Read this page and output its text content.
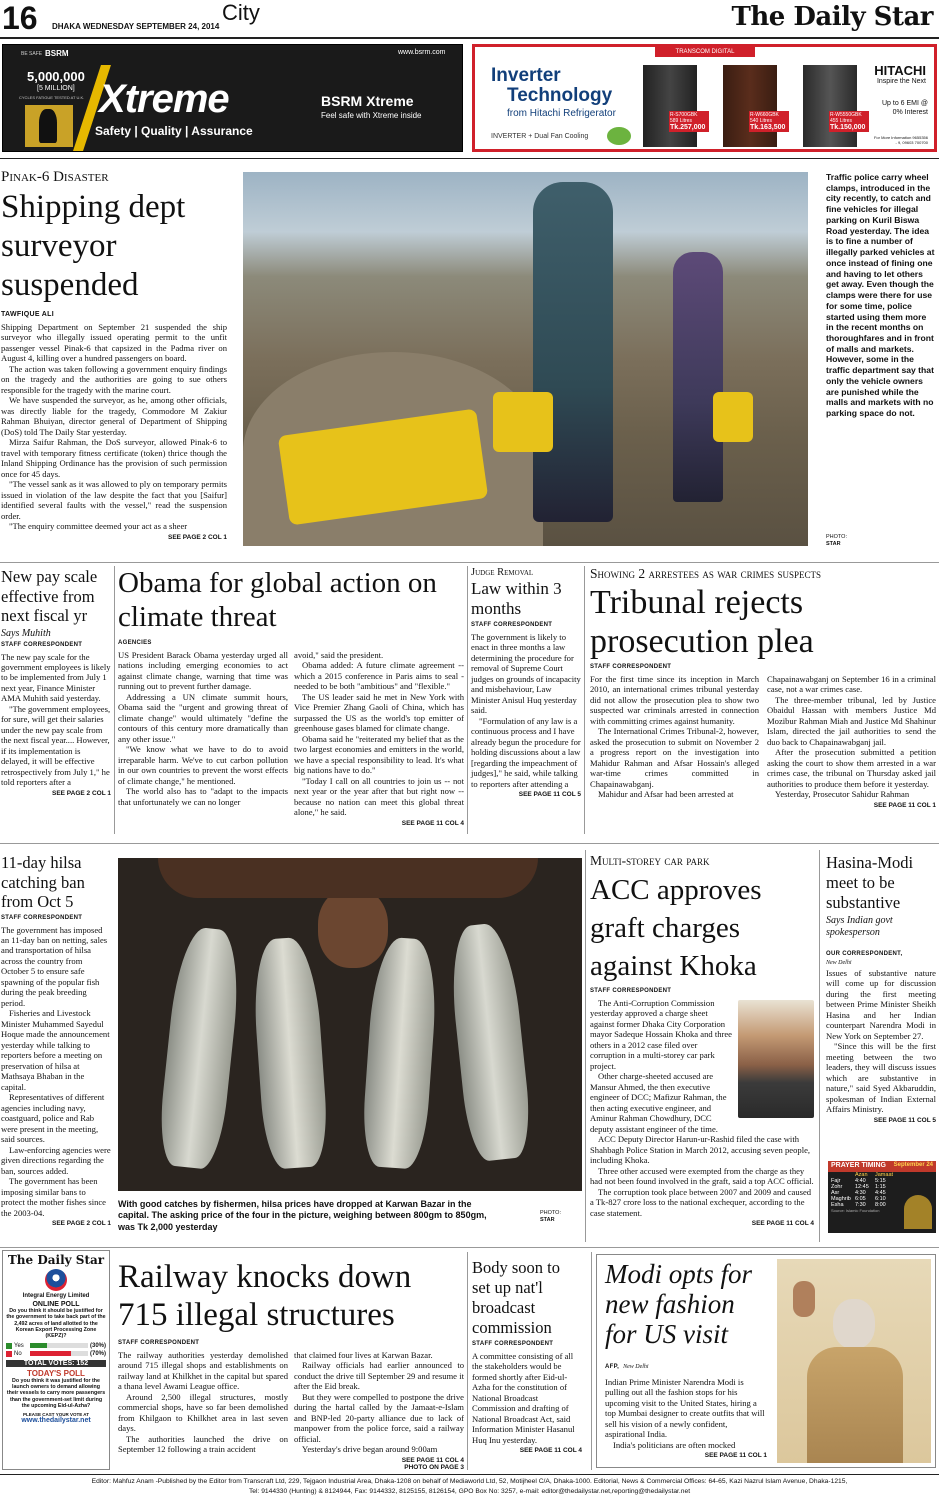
16 DHAKA WEDNESDAY SEPTEMBER 24, 2014
City	The Daily Star
BE SAFE BSRM
5,000,000
[5 MILLION]
CYCLES FATIGUE TESTED AT U.K. Xtreme
Safety | Quality | Assurance
www.bsrm.com
BSRM Xtreme
Feel safe with Xtreme inside
TRANSCOM DIGITAL
Inverter
Technology
from Hitachi Refrigerator
INVERTER + Dual Fan Cooling
R-S700GBK
589 Litres
Tk.257,000
R-W660GBK
540 Litres
Tk.163,500
R-W5550GBK
455 Litres
Tk.150,000
HITACHI
Inspire the Next
Up to 6 EMI @ 0% Interest
For More Information 9655356 - 9, 09603 700700
Pinak-6 Disaster
Shipping dept surveyor suspended
TAWFIQUE ALI

Shipping Department on September 21 suspended the ship surveyor who illegally issued operating permit to the unfit passenger vessel Pinak-6 that capsized in the Padma river on August 4, killing over a hundred passengers on board.

The action was taken following a government enquiry findings on the tragedy and the authorities are going to sue others responsible for the tragedy with the marine court.

We have suspended the surveyor, as he, among other officials, was directly liable for the tragedy, Commodore M Zakiur Rahman Bhuiyan, director general of Department of Shipping (DoS) told The Daily Star yesterday.

Mirza Saifur Rahman, the DoS surveyor, allowed Pinak-6 to travel with temporary fitness certificate (token) thrice though the Inland Shipping Ordinance has the provision of such permission once for 45 days.

"The vessel sank as it was allowed to ply on temporary permits issued in violation of the law despite the fact that you [Saifur] identified several faults with the vessel," read the suspension order.

"The enquiry committee deemed your act as a sheer

SEE PAGE 2 COL 1
Traffic police carry wheel clamps, introduced in the city recently, to catch and fine vehicles for illegal parking on Kuril Biswa Road yesterday. The idea is to fine a number of illegally parked vehicles at once instead of fining one and having to let others get away. Even though the clamps were there for use for some time, police started using them more in the recent months on thoroughfares and in front of malls and markets. However, some in the traffic department say that only the vehicle owners are punished while the malls and markets with no parking space do not.
PHOTO:
STAR
New pay scale effective from next fiscal yr
Says Muhith
STAFF CORRESPONDENT

The new pay scale for the government employees is likely to be implemented from July 1 next year, Finance Minister AMA Muhith said yesterday.

"The government employees, for sure, will get their salaries under the new pay scale from the next fiscal year.... However, if its implementation is delayed, it will be effective retrospectively from July 1," he told reporters after a

SEE PAGE 2 COL 1
Obama for global action on climate threat
AGENCIES

US President Barack Obama yesterday urged all nations including emerging economies to act against climate change, warning that time was running out to prevent further damage.

Addressing a UN climate summit hours, Obama said the "urgent and growing threat of climate change" would ultimately "define the contours of this century more dramatically than any other issue."

"We know what we have to do to avoid irreparable harm. We've to cut carbon pollution in our own countries to prevent the worst effects of climate change," he mentioned.

The world also has to "adapt to the impacts that unfortunately we can no longer

avoid," said the president.

Obama added: A future climate agreement -- which a 2015 conference in Paris aims to seal - needed to be both "ambitious" and "flexible."

The US leader said he met in New York with Vice Premier Zhang Gaoli of China, which has surpassed the US as the world's top emitter of greenhouse gases blamed for climate change.

Obama said he "reiterated my belief that as the two largest economies and emitters in the world, we have a special responsibility to lead. It's what big nations have to do."

"Today I call on all countries to join us -- not next year or the year after that but right now -- because no nation can meet this global threat alone," he said.

SEE PAGE 11 COL 4
Judge Removal
Law within 3 months
STAFF CORRESPONDENT

The government is likely to enact in three months a law determining the procedure for removal of Supreme Court judges on grounds of incapacity and misbehaviour, Law Minister Anisul Huq yesterday said.

"Formulation of any law is a continuous process and I have already begun the procedure for holding discussions about a law [regarding the impeachment of judges]," he said, while talking to reporters after attending a

SEE PAGE 11 COL 5
Showing 2 arrestees as war crimes suspects
Tribunal rejects prosecution plea
STAFF CORRESPONDENT

For the first time since its inception in March 2010, an international crimes tribunal yesterday did not allow the prosecution plea to show two suspected war criminals arrested in connection with committing crimes against humanity.

The International Crimes Tribunal-2, however, asked the prosecution to submit on November 2 a progress report on the investigation into Mahidur Rahman and Afsar Hossain's alleged war-time crimes committed in Chapainawabganj.

Mahidur and Afsar had been arrested at

Chapainawabganj on September 16 in a criminal case, not a war crimes case.

The three-member tribunal, led by Justice Obaidul Hassan with members Justice Md Mozibur Rahman Miah and Justice Md Shahinur Islam, directed the jail authorities to send the duo back to Chapainawabganj jail.

After the prosecution submitted a petition asking the court to show them arrested in a war crimes case, the tribunal on Thursday asked jail authorities to produce them before it yesterday.

Yesterday, Prosecutor Sahidur Rahman

SEE PAGE 11 COL 1
11-day hilsa catching ban from Oct 5
STAFF CORRESPONDENT

The government has imposed an 11-day ban on netting, sales and transportation of hilsa across the country from October 5 to ensure safe spawning of the popular fish during the peak breeding period.

Fisheries and Livestock Minister Muhammed Sayedul Hoque made the announcement yesterday while talking to reporters before a meeting on preservation of hilsa at Mathsaya Bhaban in the capital.

Representatives of different agencies including navy, coastguard, police and Rab were present in the meeting, said sources.

Law-enforcing agencies were given directions regarding the ban, sources added.

The government has been imposing similar bans to protect the mother fishes since the 2003-04.

SEE PAGE 2 COL 1
With good catches by fishermen, hilsa prices have dropped at Karwan Bazar in the capital. The asking price of the four in the picture, weighing between 800gm to 850gm, was Tk 2,000 yesterday
PHOTO:
STAR
Multi-storey car park
ACC approves graft charges against Khoka
STAFF CORRESPONDENT

The Anti-Corruption Commission yesterday approved a charge sheet against former Dhaka City Corporation mayor Sadeque Hossain Khoka and three others in a 2012 case filed over corruption in a multi-storey car park project.

Other charge-sheeted accused are Mansur Ahmed, the then executive engineer of DCC; Mafizur Rahman, the then acting executive engineer, and Aminur Rahman Chowdhury, DCC deputy assistant engineer of the time.

ACC Deputy Director Harun-ur-Rashid filed the case with Shahbagh Police Station in March 2012, accusing seven people, including Khoka.

Three other accused were exempted from the charge as they had not been found involved in the graft, said a top ACC official.

The corruption took place between 2007 and 2009 and caused a Tk-827 crore loss to the national exchequer, according to the case statement.

SEE PAGE 11 COL 4
Hasina-Modi meet to be substantive
Says Indian govt spokesperson
OUR CORRESPONDENT,
New Delhi

Issues of substantive nature will come up for discussion during the first meeting between Prime Minister Sheikh Hasina and her Indian counterpart Narendra Modi in New York on September 27.

"Since this will be the first meeting between the two leaders, they will discuss issues which are substantive in nature," said Syed Akbaruddin, spokesman of Indian External Affairs Ministry.

SEE PAGE 11 COL 5
PRAYER TIMING September 24
	Azan	Jamaat
Fajr	4:40	5:15
Zohr	12:45	1:15
Asr	4:30	4:45
Maghrib	6:05	6:10
Esha	7:30	8:00
Source: Islamic Foundation
The Daily Star
Integral Energy Limited
ONLINE POLL
Do you think it should be justified for the government to take back part of the 2,492 acres of land allotted to the Korean Export Processing Zone (KEPZ)?
Yes	(30%)
No	(70%)
TOTAL VOTES: 152
TODAY'S POLL
Do you think it was justified for the launch owners to demand allowing their vessels to carry more passengers than the government-set limit during the upcoming Eid-ul-Azha?
PLEASE CAST YOUR VOTE AT
www.thedailystar.net
Railway knocks down 715 illegal structures
STAFF CORRESPONDENT

The railway authorities yesterday demolished around 715 illegal shops and establishments on railway land at Khilkhet in the capital but spared a thana level Awami League office.

Around 2,500 illegal structures, mostly commercial shops, have so far been demolished from Khilgaon to Khilkhet area in last seven days.

The authorities launched the drive on September 12 following a train accident

that claimed four lives at Karwan Bazar.

Railway officials had earlier announced to conduct the drive till September 29 and resume it after the Eid break.

But they were compelled to postpone the drive during the hartal called by the Jamaat-e-Islam and BNP-led 20-party alliance due to lack of manpower from the police force, said a railway official.

Yesterday's drive began around 9:00am

SEE PAGE 11 COL 4
PHOTO ON PAGE 3
Body soon to set up nat'l broadcast commission
STAFF CORRESPONDENT

A committee consisting of all the stakeholders would be formed shortly after Eid-ul-Azha for the constitution of National Broadcast Commission and drafting of National Broadcast Act, said Information Minister Hasanul Huq Inu yesterday.

SEE PAGE 11 COL 4
Modi opts for new fashion for US visit
AFP, New Delhi

Indian Prime Minister Narendra Modi is pulling out all the fashion stops for his upcoming visit to the United States, hiring a top Mumbai designer to create outfits that will sell his vision of a newly confident, aspirational India.

India's politicians are often mocked

SEE PAGE 11 COL 1
Editor: Mahfuz Anam -Published by the Editor from Transcraft Ltd, 229, Tejgaon Industrial Area, Dhaka-1208 on behalf of Mediaworld Ltd, 52, Motijheel C/A, Dhaka-1000. Editorial, News & Commercial Offices: 64-65, Kazi Nazrul Islam Avenue, Dhaka-1215,
Tel: 9144330 (Hunting) & 8124944, Fax: 9144332, 8125155, 8126154, GPO Box No: 3257, e-mail: editor@thedailystar.net,reporting@thedailystar.net
